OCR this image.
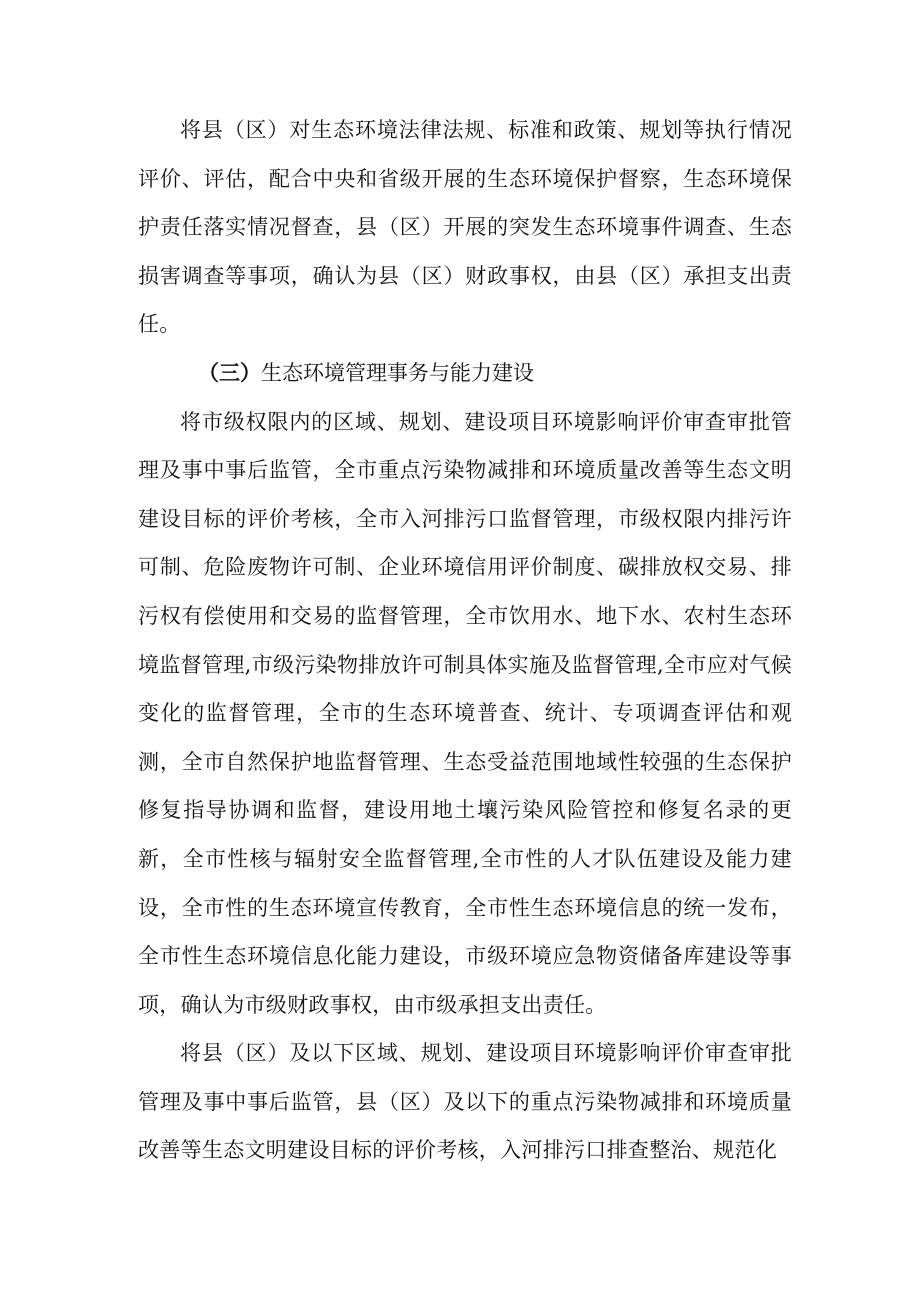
将县（区）对生态环境法律法规、标准和政策、规划等执行情况评价、评估，配合中央和省级开展的生态环境保护督察，生态环境保护责任落实情况督查，县（区）开展的突发生态环境事件调查、生态损害调查等事项，确认为县（区）财政事权，由县（区）承担支出责任。

（三）生态环境管理事务与能力建设

将市级权限内的区域、规划、建设项目环境影响评价审查审批管理及事中事后监管，全市重点污染物减排和环境质量改善等生态文明建设目标的评价考核，全市入河排污口监督管理，市级权限内排污许可制、危险废物许可制、企业环境信用评价制度、碳排放权交易、排污权有偿使用和交易的监督管理，全市饮用水、地下水、农村生态环境监督管理,市级污染物排放许可制具体实施及监督管理,全市应对气候变化的监督管理，全市的生态环境普查、统计、专项调查评估和观测，全市自然保护地监督管理、生态受益范围地域性较强的生态保护修复指导协调和监督，建设用地土壤污染风险管控和修复名录的更新，全市性核与辐射安全监督管理,全市性的人才队伍建设及能力建设，全市性的生态环境宣传教育，全市性生态环境信息的统一发布，全市性生态环境信息化能力建设，市级环境应急物资储备库建设等事项，确认为市级财政事权，由市级承担支出责任。

将县（区）及以下区域、规划、建设项目环境影响评价审查审批管理及事中事后监管，县（区）及以下的重点污染物减排和环境质量改善等生态文明建设目标的评价考核，入河排污口排查整治、规范化
